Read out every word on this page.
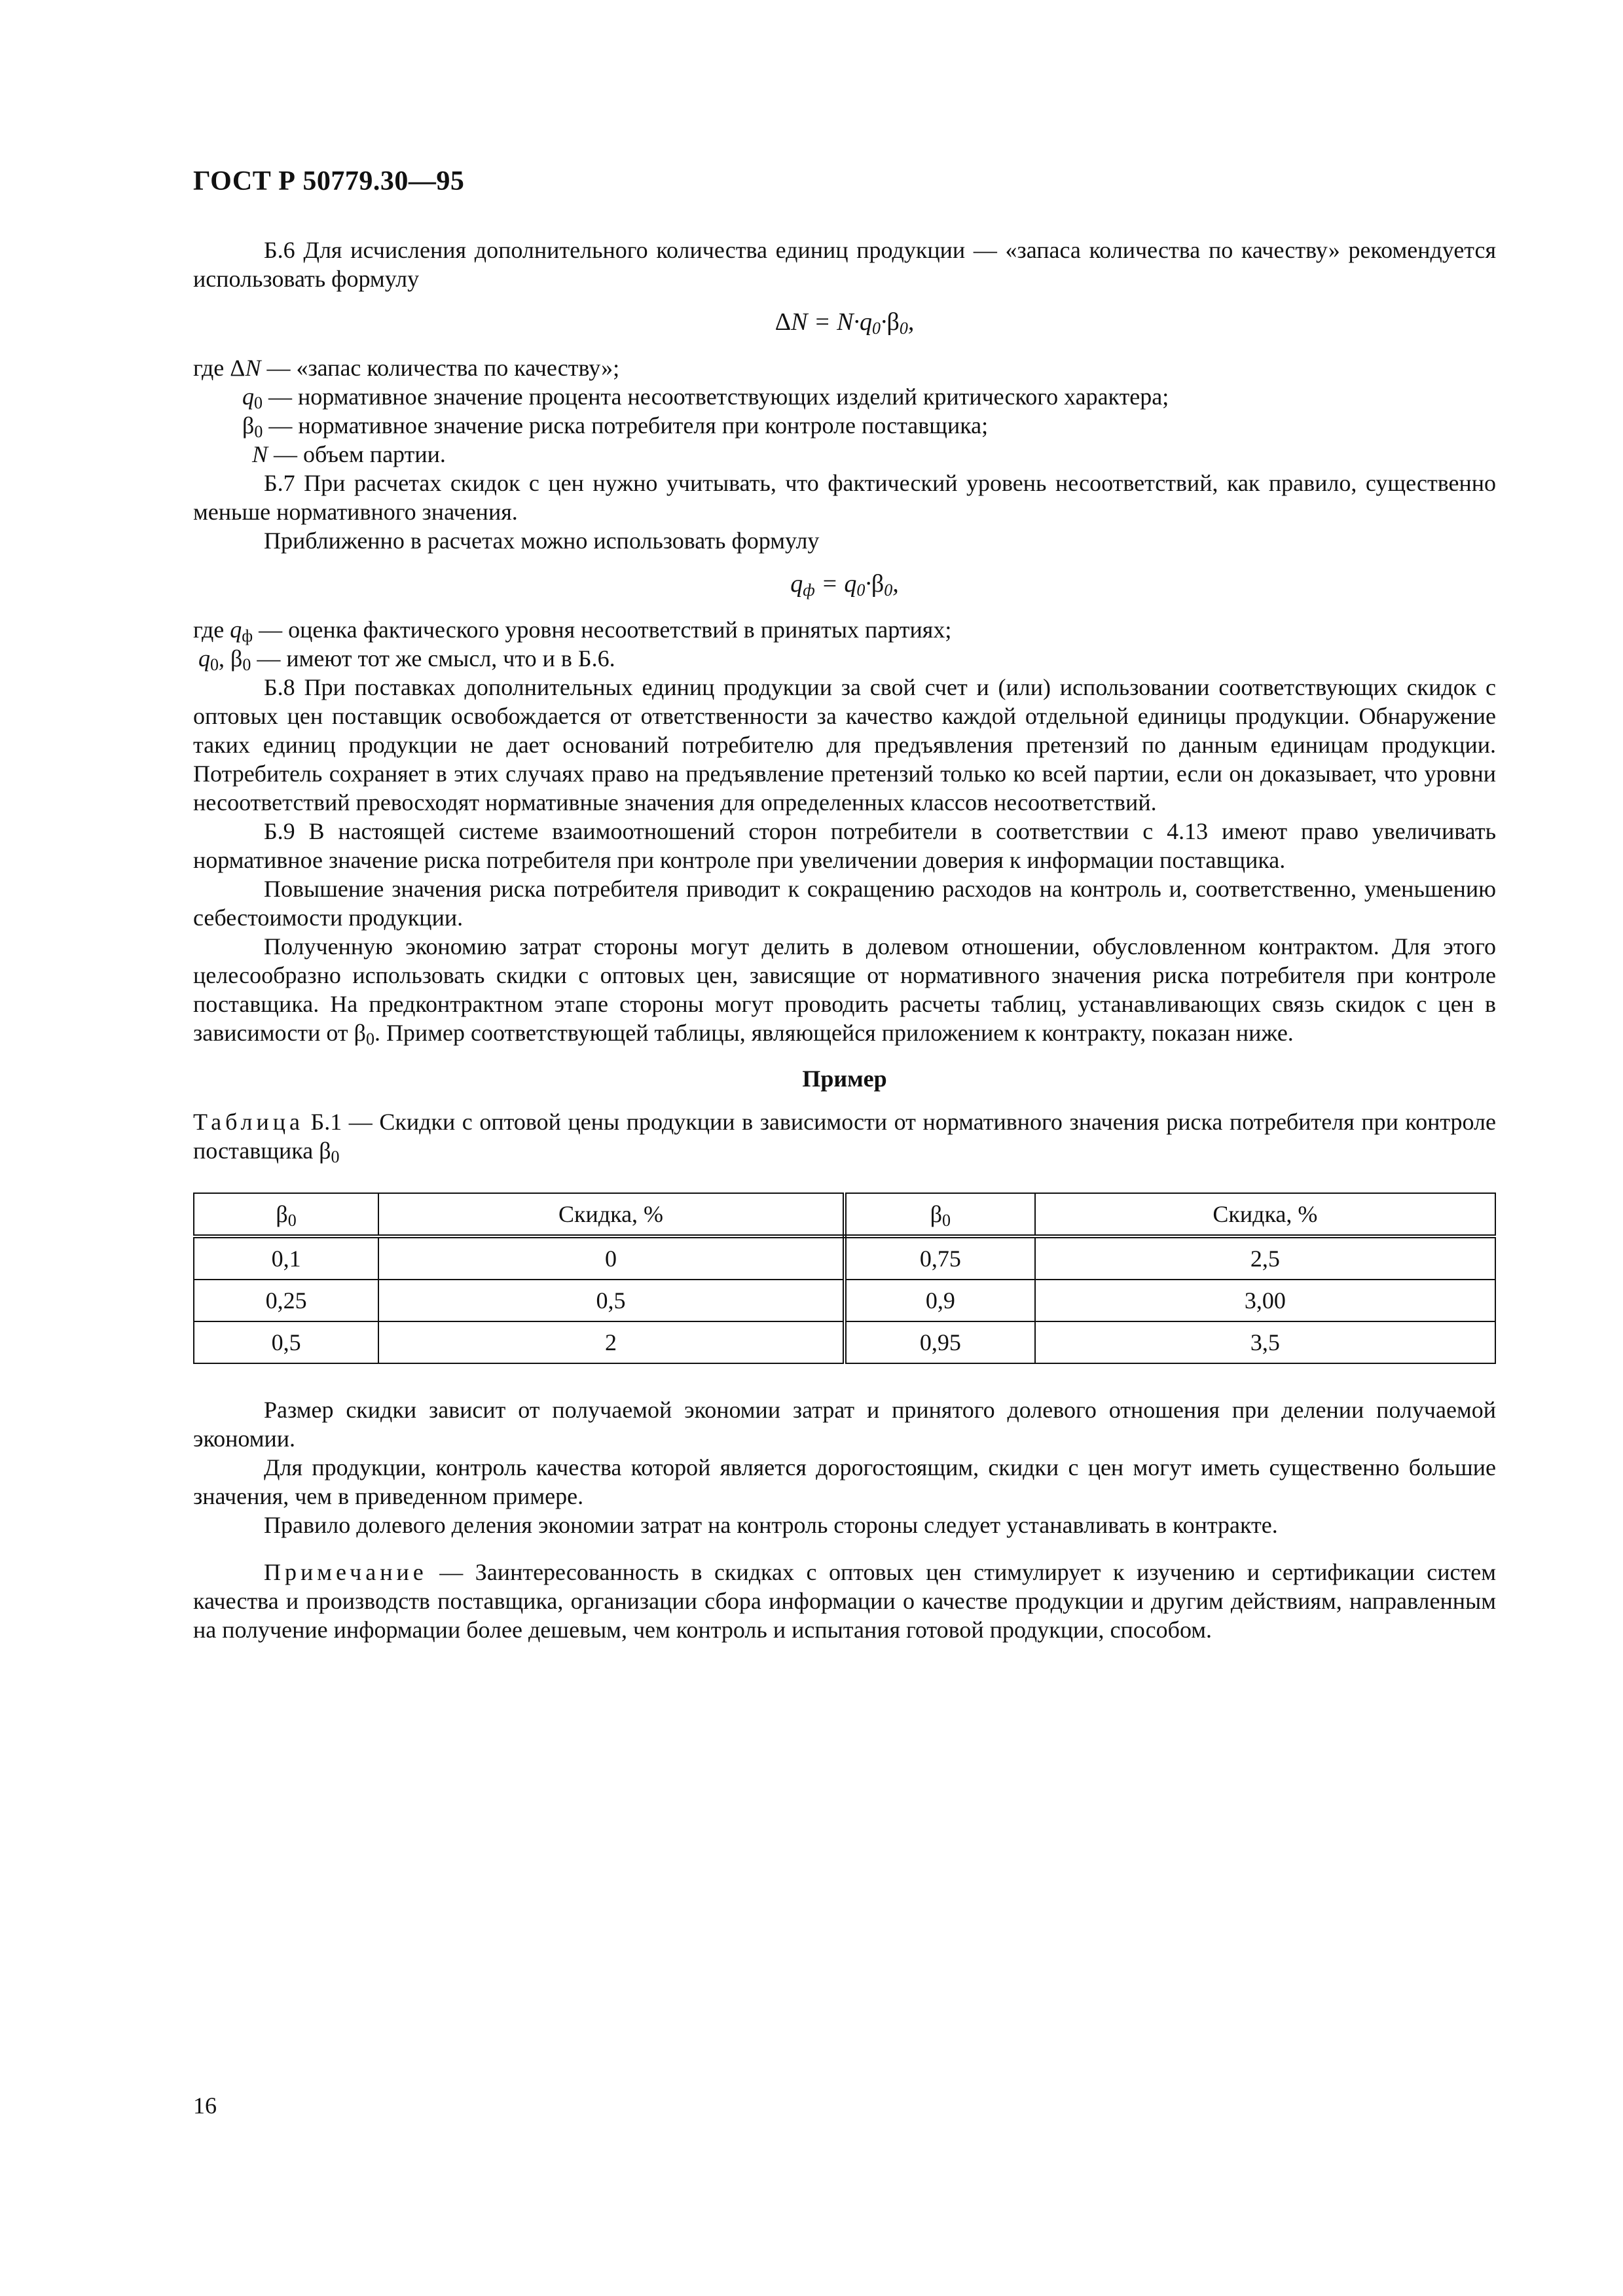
ГОСТ Р 50779.30—95

Б.6 Для исчисления дополнительного количества единиц продукции — «запаса количества по качеству» рекомендуется использовать формулу

$\Delta N = N\cdot q_0\cdot\beta_0$,

где ΔN — «запас количества по качеству»;

$q_0$ — нормативное значение процента несоответствующих изделий критического характера;

$\beta_0$ — нормативное значение риска потребителя при контроле поставщика;

N — объем партии.

Б.7 При расчетах скидок с цен нужно учитывать, что фактический уровень несоответствий, как правило, существенно меньше нормативного значения.

Приближенно в расчетах можно использовать формулу

$q_ф = q_0\cdot\beta_0$,

где $q_ф$ — оценка фактического уровня несоответствий в принятых партиях;

$q_0$, $\beta_0$ — имеют тот же смысл, что и в Б.6.

Б.8 При поставках дополнительных единиц продукции за свой счет и (или) использовании соответствующих скидок с оптовых цен поставщик освобождается от ответственности за качество каждой отдельной единицы продукции. Обнаружение таких единиц продукции не дает оснований потребителю для предъявления претензий по данным единицам продукции. Потребитель сохраняет в этих случаях право на предъявление претензий только ко всей партии, если он доказывает, что уровни несоответствий превосходят нормативные значения для определенных классов несоответствий.

Б.9 В настоящей системе взаимоотношений сторон потребители в соответствии с 4.13 имеют право увеличивать нормативное значение риска потребителя при контроле при увеличении доверия к информации поставщика.

Повышение значения риска потребителя приводит к сокращению расходов на контроль и, соответственно, уменьшению себестоимости продукции.

Полученную экономию затрат стороны могут делить в долевом отношении, обусловленном контрактом. Для этого целесообразно использовать скидки с оптовых цен, зависящие от нормативного значения риска потребителя при контроле поставщика. На предконтрактном этапе стороны могут проводить расчеты таблиц, устанавливающих связь скидок с цен в зависимости от $\beta_0$. Пример соответствующей таблицы, являющейся приложением к контракту, показан ниже.

Пример

Таблица Б.1 — Скидки с оптовой цены продукции в зависимости от нормативного значения риска потребителя при контроле поставщика $\beta_0$

$\beta_0$	Скидка, %	$\beta_0$	Скидка, %
0,1	0	0,75	2,5
0,25	0,5	0,9	3,00
0,5	2	0,95	3,5

Размер скидки зависит от получаемой экономии затрат и принятого долевого отношения при делении получаемой экономии.

Для продукции, контроль качества которой является дорогостоящим, скидки с цен могут иметь существенно большие значения, чем в приведенном примере.

Правило долевого деления экономии затрат на контроль стороны следует устанавливать в контракте.

Примечание — Заинтересованность в скидках с оптовых цен стимулирует к изучению и сертификации систем качества и производств поставщика, организации сбора информации о качестве продукции и другим действиям, направленным на получение информации более дешевым, чем контроль и испытания готовой продукции, способом.

16
